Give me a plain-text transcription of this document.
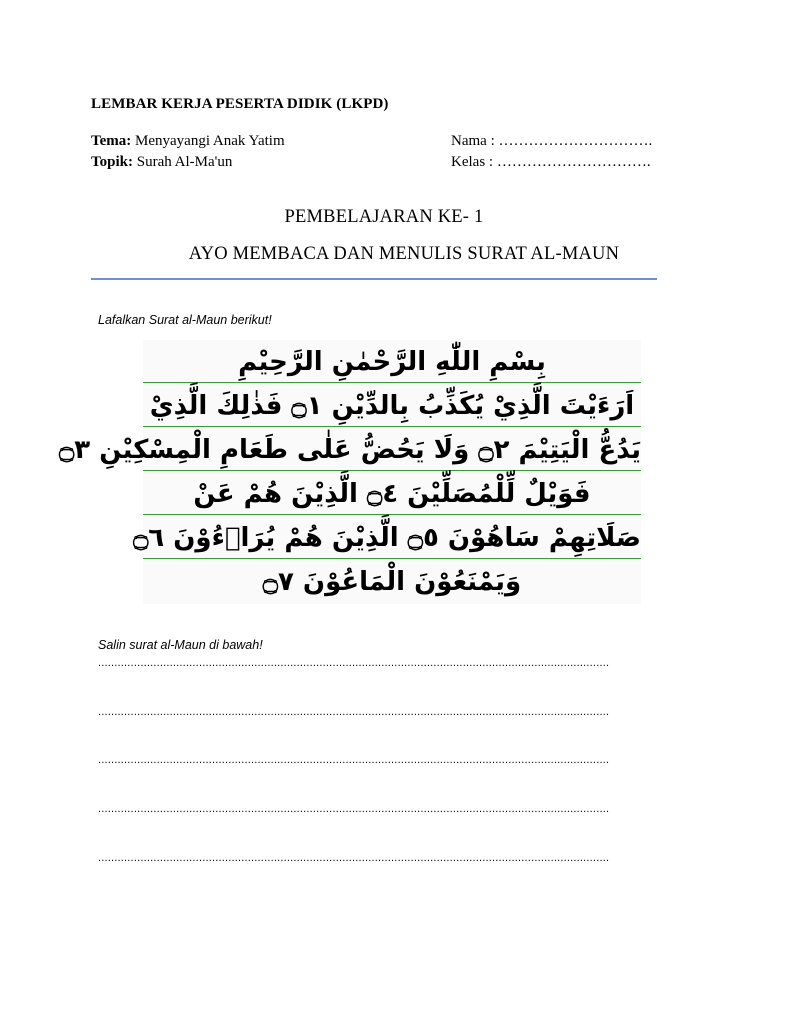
LEMBAR KERJA PESERTA DIDIK (LKPD)
Tema: Menyayangi Anak Yatim
Topik: Surah Al-Ma'un
Nama : ………………………….
Kelas : ………………………….
PEMBELAJARAN KE- 1
AYO MEMBACA DAN MENULIS SURAT AL-MAUN
Lafalkan Surat al-Maun berikut!
بِسْمِ اللّٰهِ الرَّحْمٰنِ الرَّحِيْمِ
اَرَءَيْتَ الَّذِيْ يُكَذِّبُ بِالدِّيْنِ ۝١ فَذٰلِكَ الَّذِيْ
يَدُعُّ الْيَتِيْمَ ۝٢ وَلَا يَحُضُّ عَلٰى طَعَامِ الْمِسْكِيْنِ ۝٣
فَوَيْلٌ لِّلْمُصَلِّيْنَ ۝٤ الَّذِيْنَ هُمْ عَنْ
صَلَاتِهِمْ سَاهُوْنَ ۝٥ الَّذِيْنَ هُمْ يُرَاۤءُوْنَ ۝٦
وَيَمْنَعُوْنَ الْمَاعُوْنَ ۝٧
Salin surat al-Maun di bawah!
.............................................................................................................................................................
.............................................................................................................................................................
.............................................................................................................................................................
.............................................................................................................................................................
.............................................................................................................................................................
